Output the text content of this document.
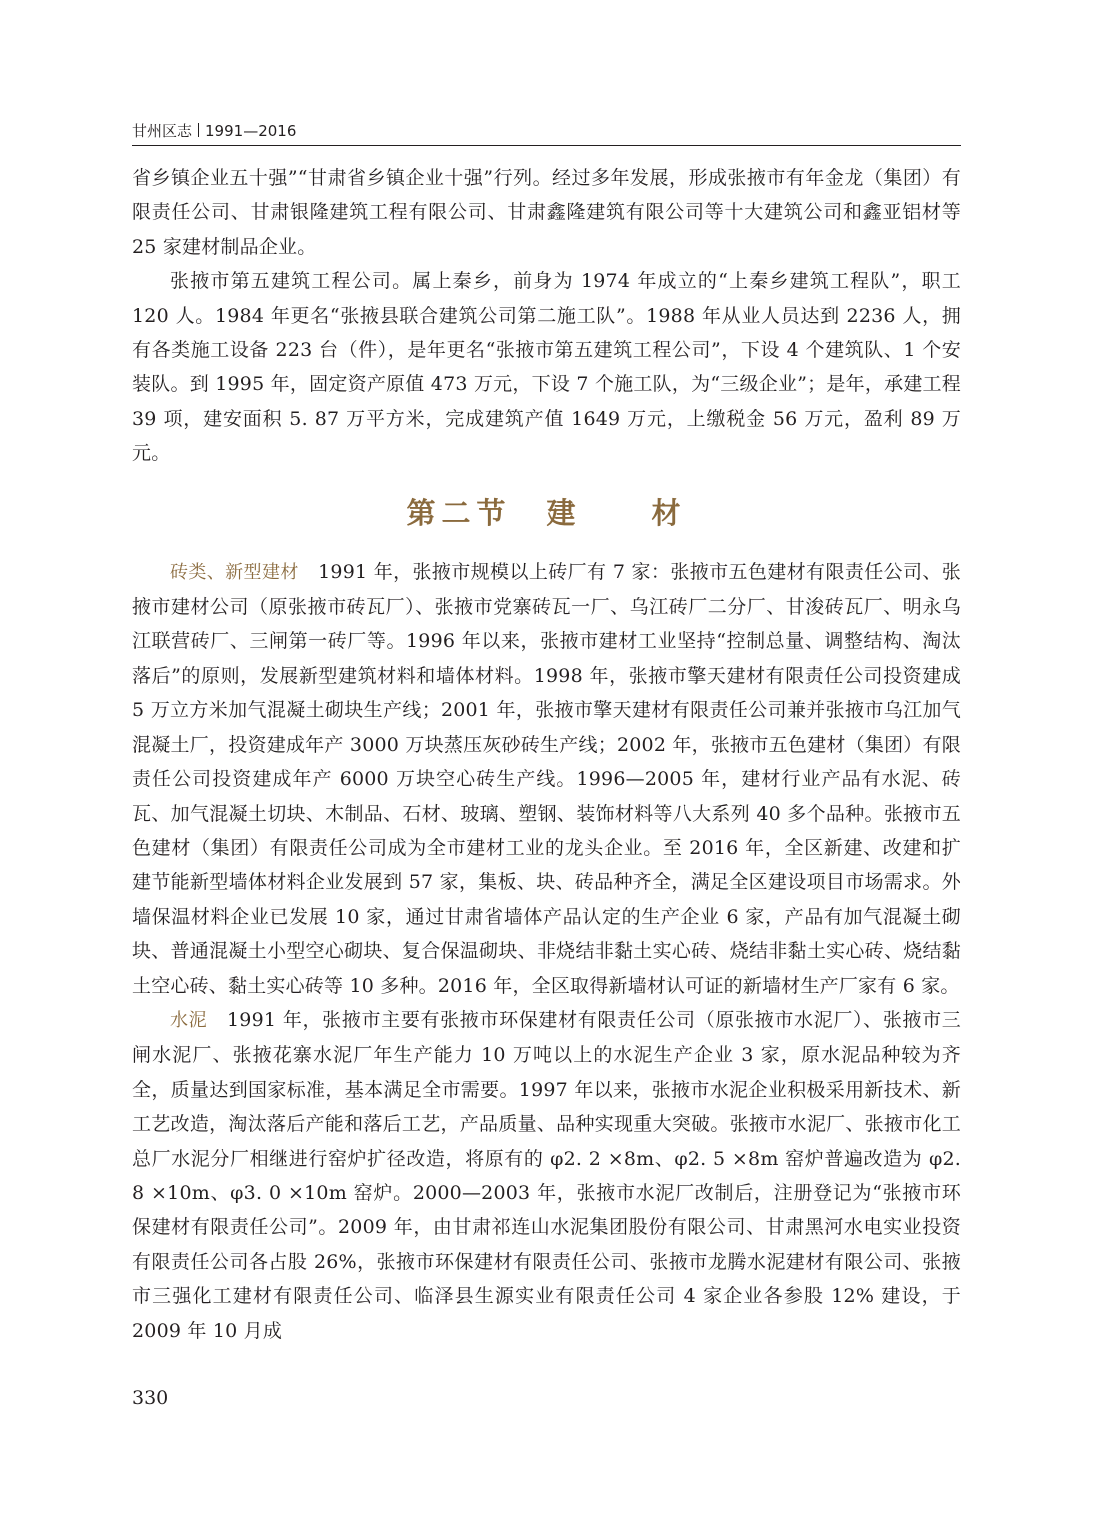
甘州区志 1991—2016

省乡镇企业五十强”“甘肃省乡镇企业十强”行列。经过多年发展，形成张掖市有年金龙（集团）有限责任公司、甘肃银隆建筑工程有限公司、甘肃鑫隆建筑有限公司等十大建筑公司和鑫亚铝材等 25 家建材制品企业。

张掖市第五建筑工程公司。属上秦乡，前身为 1974 年成立的“上秦乡建筑工程队”，职工 120 人。1984 年更名“张掖县联合建筑公司第二施工队”。1988 年从业人员达到 2236 人，拥有各类施工设备 223 台（件），是年更名“张掖市第五建筑工程公司”，下设 4 个建筑队、1 个安装队。到 1995 年，固定资产原值 473 万元，下设 7 个施工队，为“三级企业”；是年，承建工程 39 项，建安面积 5. 87 万平方米，完成建筑产值 1649 万元，上缴税金 56 万元，盈利 89 万元。

第二节　建　　材

砖类、新型建材　 1991 年，张掖市规模以上砖厂有 7 家：张掖市五色建材有限责任公司、张掖市建材公司（原张掖市砖瓦厂）、张掖市党寨砖瓦一厂、乌江砖厂二分厂、甘浚砖瓦厂、明永乌江联营砖厂、三闸第一砖厂等。1996 年以来，张掖市建材工业坚持“控制总量、调整结构、淘汰落后”的原则，发展新型建筑材料和墙体材料。1998 年，张掖市擎天建材有限责任公司投资建成 5 万立方米加气混凝土砌块生产线；2001 年，张掖市擎天建材有限责任公司兼并张掖市乌江加气混凝土厂，投资建成年产 3000 万块蒸压灰砂砖生产线；2002 年，张掖市五色建材（集团）有限责任公司投资建成年产 6000 万块空心砖生产线。1996—2005 年，建材行业产品有水泥、砖瓦、加气混凝土切块、木制品、石材、玻璃、塑钢、装饰材料等八大系列 40 多个品种。张掖市五色建材（集团）有限责任公司成为全市建材工业的龙头企业。至 2016 年，全区新建、改建和扩建节能新型墙体材料企业发展到 57 家，集板、块、砖品种齐全，满足全区建设项目市场需求。外墙保温材料企业已发展 10 家，通过甘肃省墙体产品认定的生产企业 6 家，产品有加气混凝土砌块、普通混凝土小型空心砌块、复合保温砌块、非烧结非黏土实心砖、烧结非黏土实心砖、烧结黏土空心砖、黏土实心砖等 10 多种。2016 年，全区取得新墙材认可证的新墙材生产厂家有 6 家。

水泥　 1991 年，张掖市主要有张掖市环保建材有限责任公司（原张掖市水泥厂）、张掖市三闸水泥厂、张掖花寨水泥厂年生产能力 10 万吨以上的水泥生产企业 3 家，原水泥品种较为齐全，质量达到国家标准，基本满足全市需要。1997 年以来，张掖市水泥企业积极采用新技术、新工艺改造，淘汰落后产能和落后工艺，产品质量、品种实现重大突破。张掖市水泥厂、张掖市化工总厂水泥分厂相继进行窑炉扩径改造，将原有的 φ2. 2 ×8m、φ2. 5 ×8m 窑炉普遍改造为 φ2. 8 ×10m、φ3. 0 ×10m 窑炉。2000—2003 年，张掖市水泥厂改制后，注册登记为“张掖市环保建材有限责任公司”。2009 年，由甘肃祁连山水泥集团股份有限公司、甘肃黑河水电实业投资有限责任公司各占股 26%，张掖市环保建材有限责任公司、张掖市龙腾水泥建材有限公司、张掖市三强化工建材有限责任公司、临泽县生源实业有限责任公司 4 家企业各参股 12% 建设，于 2009 年 10 月成

330
